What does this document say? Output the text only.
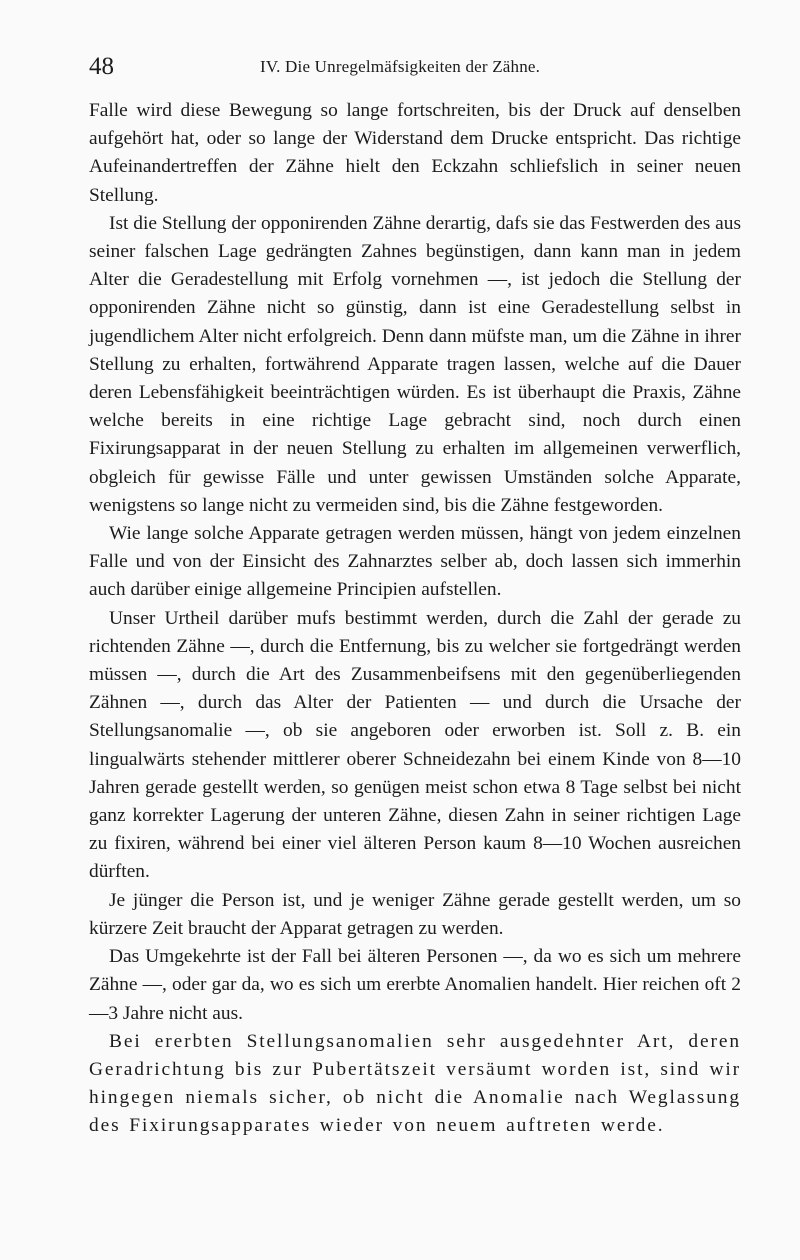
48	IV. Die Unregelmäfsigkeiten der Zähne.

Falle wird diese Bewegung so lange fortschreiten, bis der Druck auf denselben aufgehört hat, oder so lange der Widerstand dem Drucke entspricht. Das richtige Aufeinandertreffen der Zähne hielt den Eckzahn schliefslich in seiner neuen Stellung.

Ist die Stellung der opponirenden Zähne derartig, dafs sie das Festwerden des aus seiner falschen Lage gedrängten Zahnes begünstigen, dann kann man in jedem Alter die Geradestellung mit Erfolg vornehmen —, ist jedoch die Stellung der opponirenden Zähne nicht so günstig, dann ist eine Geradestellung selbst in jugendlichem Alter nicht erfolgreich. Denn dann müfste man, um die Zähne in ihrer Stellung zu erhalten, fortwährend Apparate tragen lassen, welche auf die Dauer deren Lebensfähigkeit beeinträchtigen würden. Es ist überhaupt die Praxis, Zähne welche bereits in eine richtige Lage gebracht sind, noch durch einen Fixirungsapparat in der neuen Stellung zu erhalten im allgemeinen verwerflich, obgleich für gewisse Fälle und unter gewissen Umständen solche Apparate, wenigstens so lange nicht zu vermeiden sind, bis die Zähne festgeworden.

Wie lange solche Apparate getragen werden müssen, hängt von jedem einzelnen Falle und von der Einsicht des Zahnarztes selber ab, doch lassen sich immerhin auch darüber einige allgemeine Principien aufstellen.

Unser Urtheil darüber mufs bestimmt werden, durch die Zahl der gerade zu richtenden Zähne —, durch die Entfernung, bis zu welcher sie fortgedrängt werden müssen —, durch die Art des Zusammenbeifsens mit den gegenüberliegenden Zähnen —, durch das Alter der Patienten — und durch die Ursache der Stellungsanomalie —, ob sie angeboren oder erworben ist. Soll z. B. ein lingualwärts stehender mittlerer oberer Schneidezahn bei einem Kinde von 8—10 Jahren gerade gestellt werden, so genügen meist schon etwa 8 Tage selbst bei nicht ganz korrekter Lagerung der unteren Zähne, diesen Zahn in seiner richtigen Lage zu fixiren, während bei einer viel älteren Person kaum 8—10 Wochen ausreichen dürften.

Je jünger die Person ist, und je weniger Zähne gerade gestellt werden, um so kürzere Zeit braucht der Apparat getragen zu werden.

Das Umgekehrte ist der Fall bei älteren Personen —, da wo es sich um mehrere Zähne —, oder gar da, wo es sich um ererbte Anomalien handelt. Hier reichen oft 2—3 Jahre nicht aus.

Bei ererbten Stellungsanomalien sehr ausgedehnter Art, deren Geradrichtung bis zur Pubertätszeit versäumt worden ist, sind wir hingegen niemals sicher, ob nicht die Anomalie nach Weglassung des Fixirungsapparates wieder von neuem auftreten werde.
